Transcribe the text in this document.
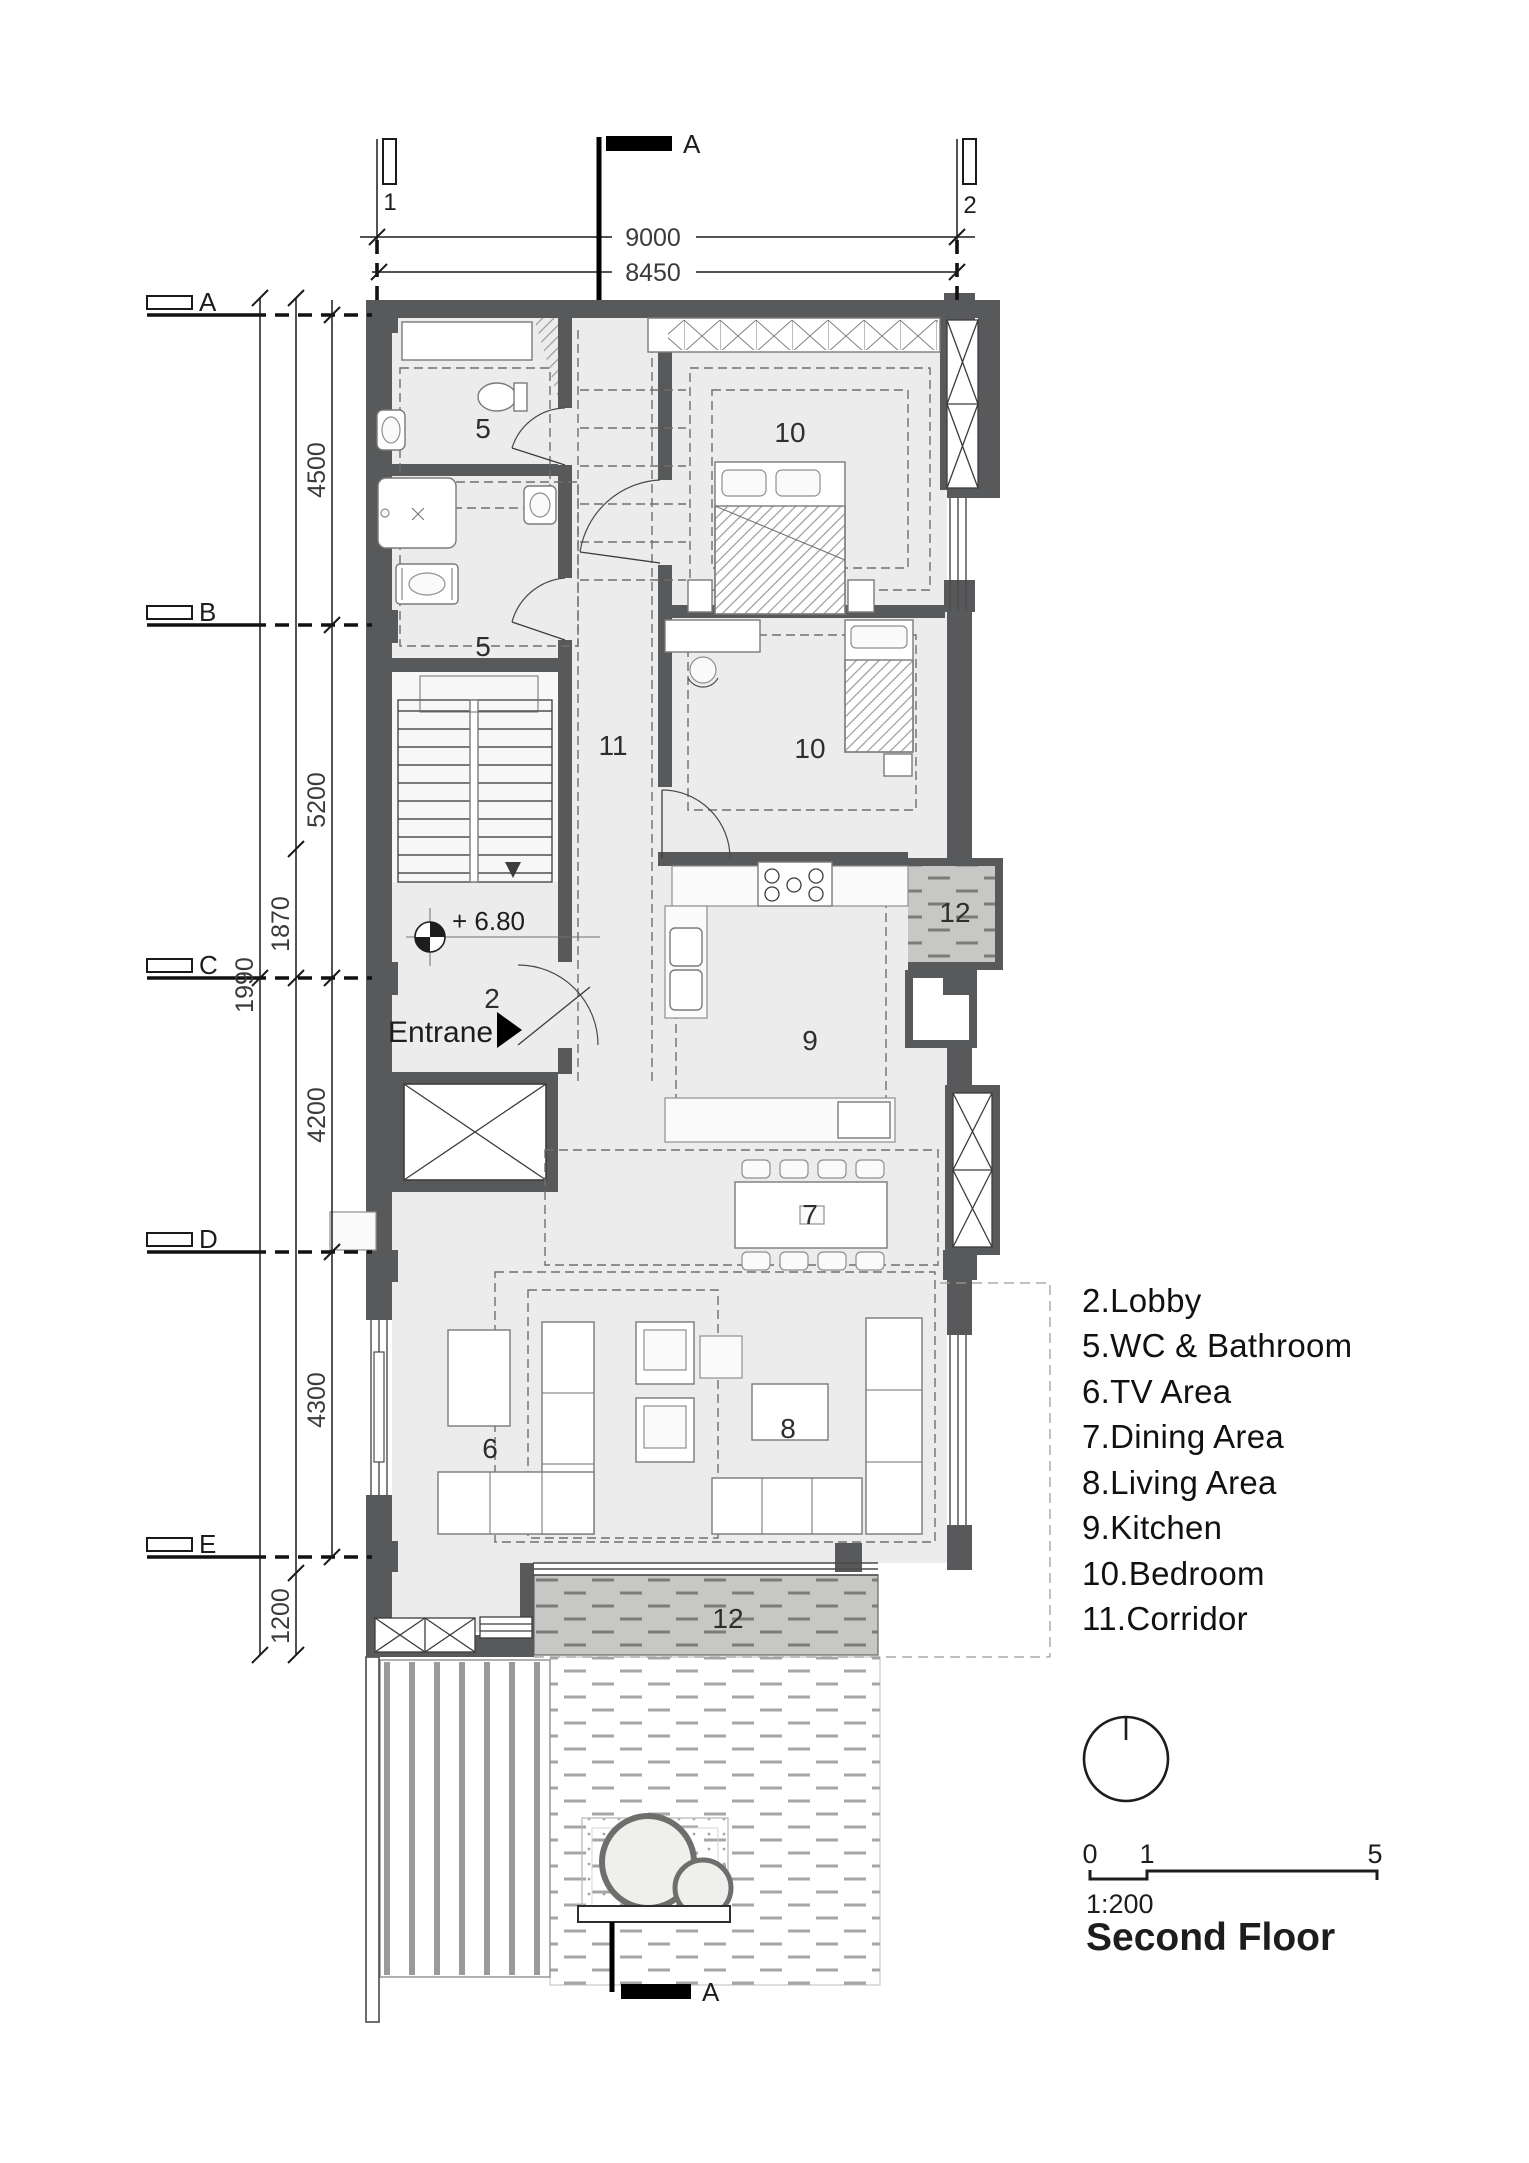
+ 6.80
Entrane
5
5
10
10
11
9
2
7
6
8
12
12
1	2
A
B
C
D
E
9000
8450
1990
1870
1200
4500
5200
4200
4300
A
A
2.Lobby
5.WC & Bathroom
6.TV Area
7.Dining Area
8.Living Area
9.Kitchen
10.Bedroom
11.Corridor
0 1	5
1:200
Second Floor
